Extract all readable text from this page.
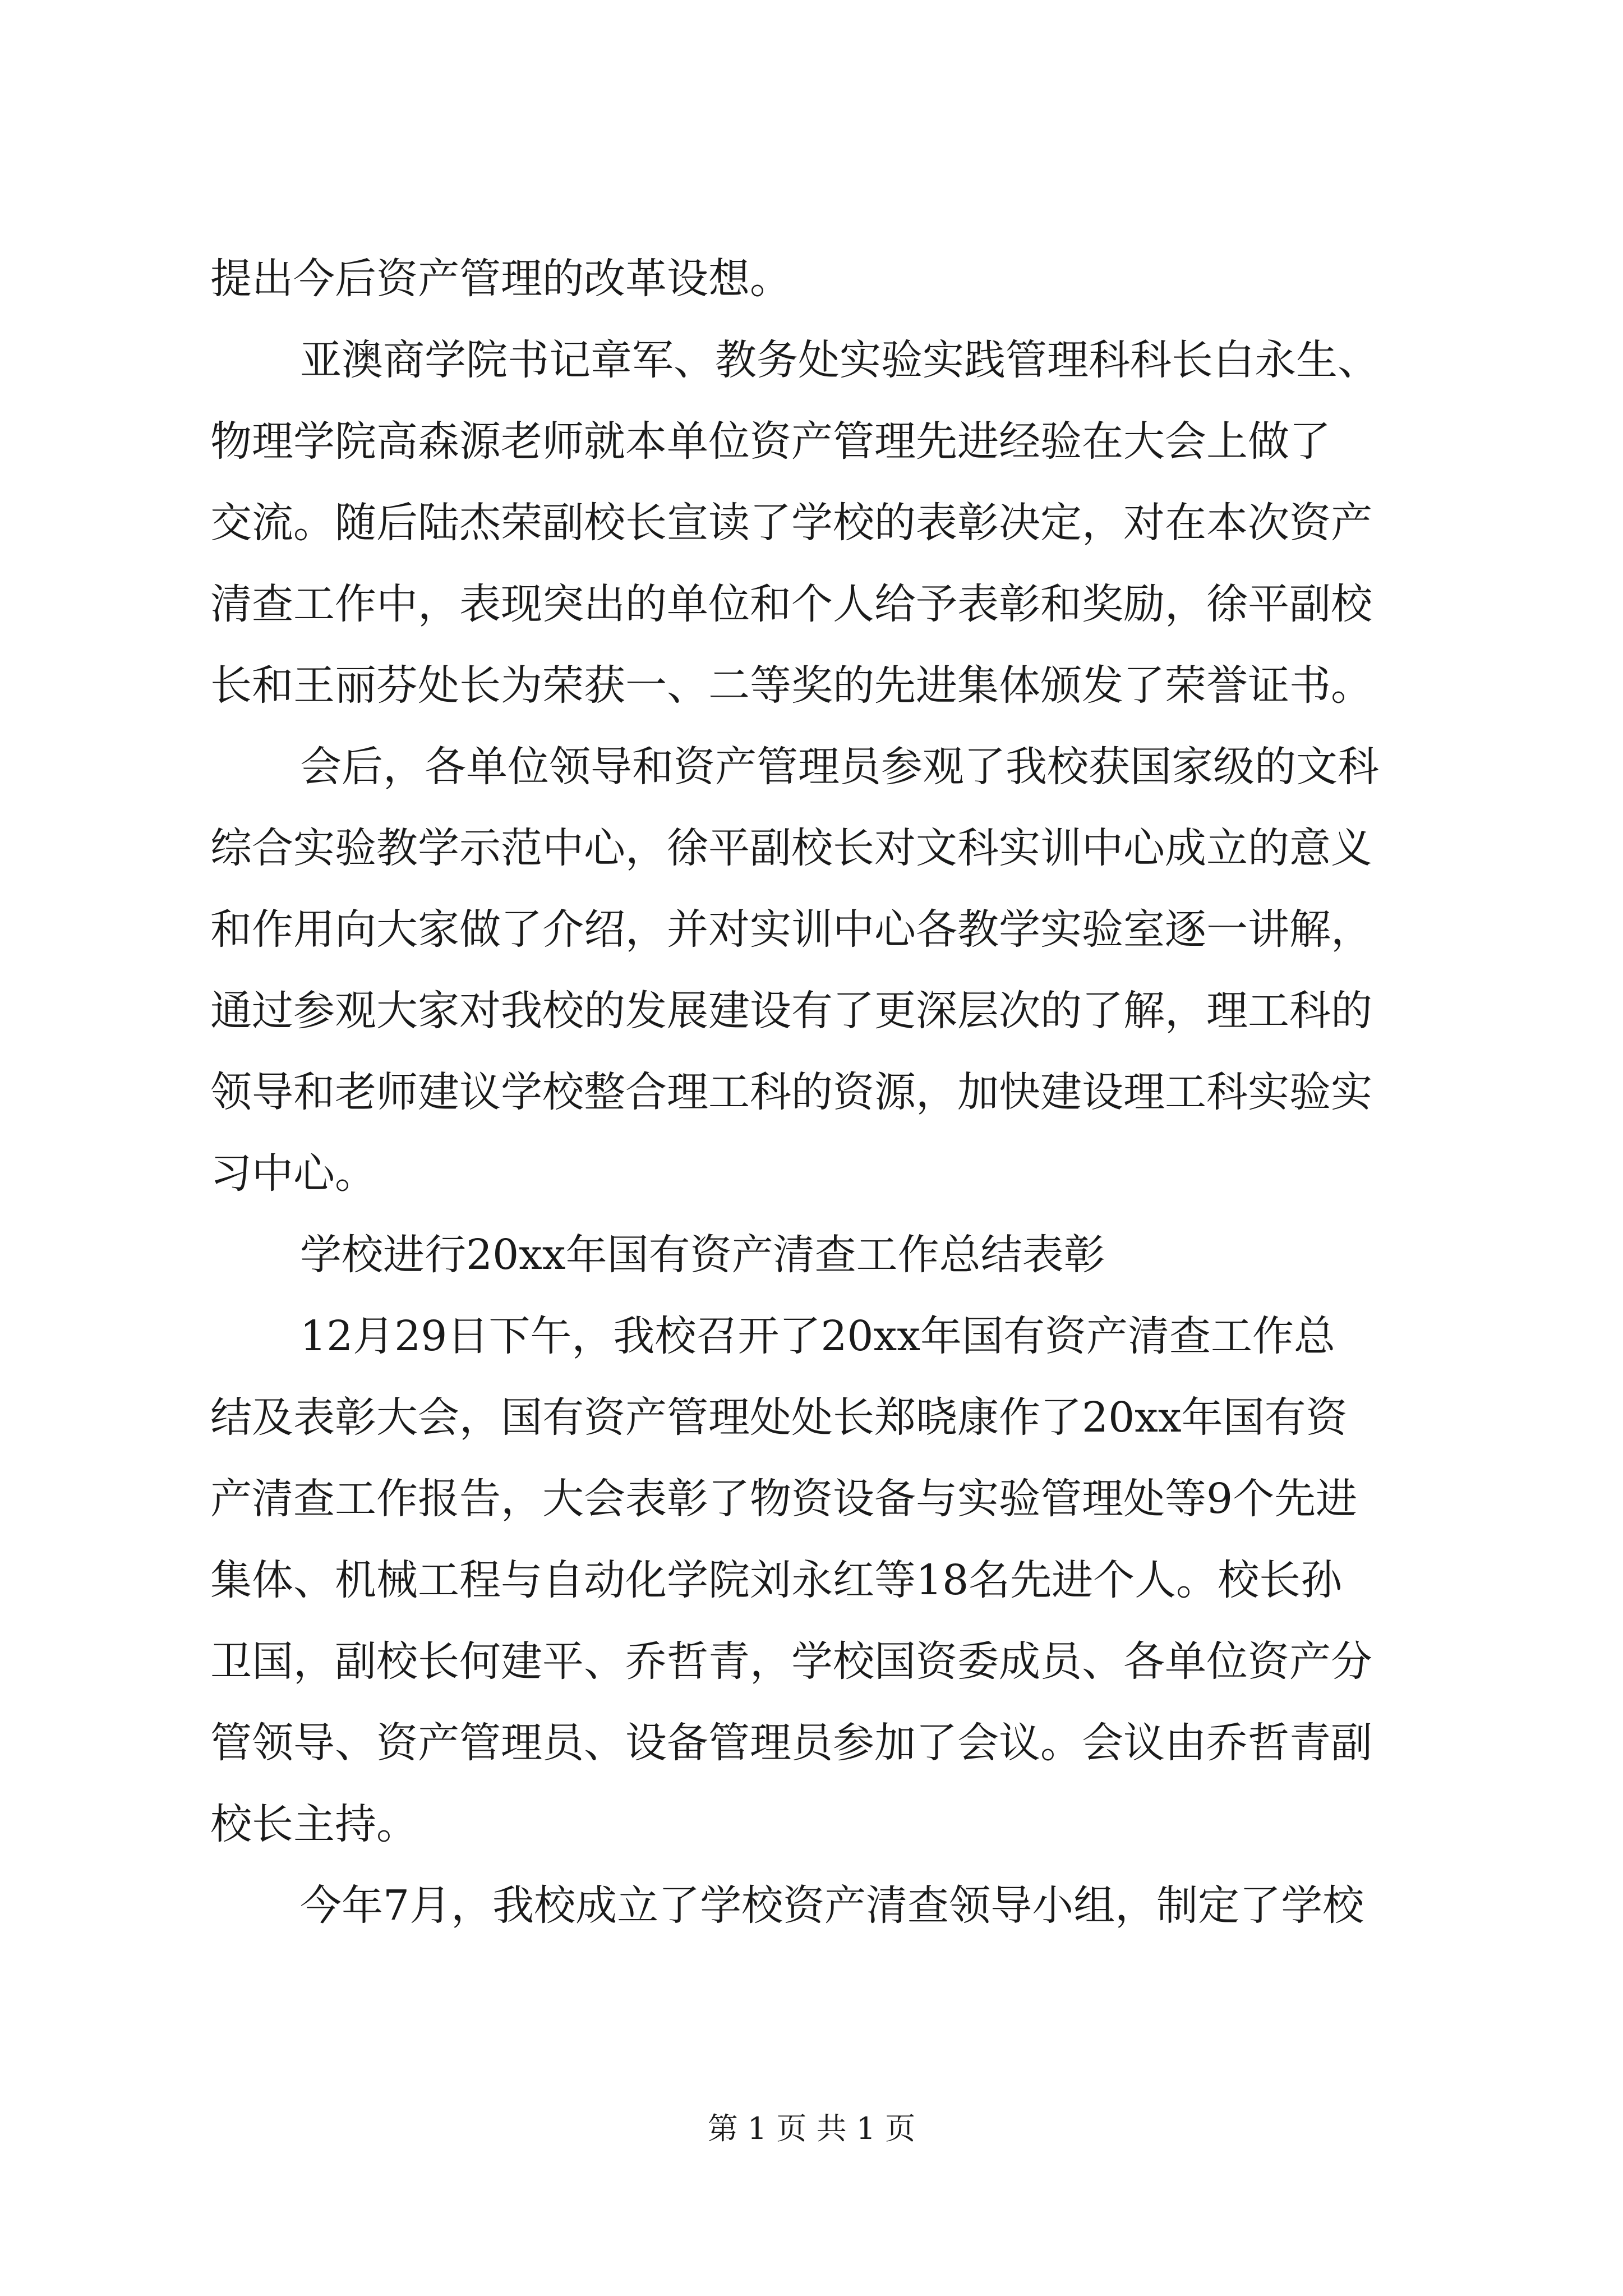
提出今后资产管理的改革设想。
亚澳商学院书记章军、教务处实验实践管理科科长白永生、
物理学院高森源老师就本单位资产管理先进经验在大会上做了
交流。随后陆杰荣副校长宣读了学校的表彰决定，对在本次资产
清查工作中，表现突出的单位和个人给予表彰和奖励，徐平副校
长和王丽芬处长为荣获一、二等奖的先进集体颁发了荣誉证书。
会后，各单位领导和资产管理员参观了我校获国家级的文科
综合实验教学示范中心，徐平副校长对文科实训中心成立的意义
和作用向大家做了介绍，并对实训中心各教学实验室逐一讲解，
通过参观大家对我校的发展建设有了更深层次的了解，理工科的
领导和老师建议学校整合理工科的资源，加快建设理工科实验实
习中心。
学校进行20xx年国有资产清查工作总结表彰
12月29日下午，我校召开了20xx年国有资产清查工作总
结及表彰大会，国有资产管理处处长郑晓康作了20xx年国有资
产清查工作报告，大会表彰了物资设备与实验管理处等9个先进
集体、机械工程与自动化学院刘永红等18名先进个人。校长孙
卫国，副校长何建平、乔哲青，学校国资委成员、各单位资产分
管领导、资产管理员、设备管理员参加了会议。会议由乔哲青副
校长主持。
今年7月，我校成立了学校资产清查领导小组，制定了学校
第 1 页 共 1 页
